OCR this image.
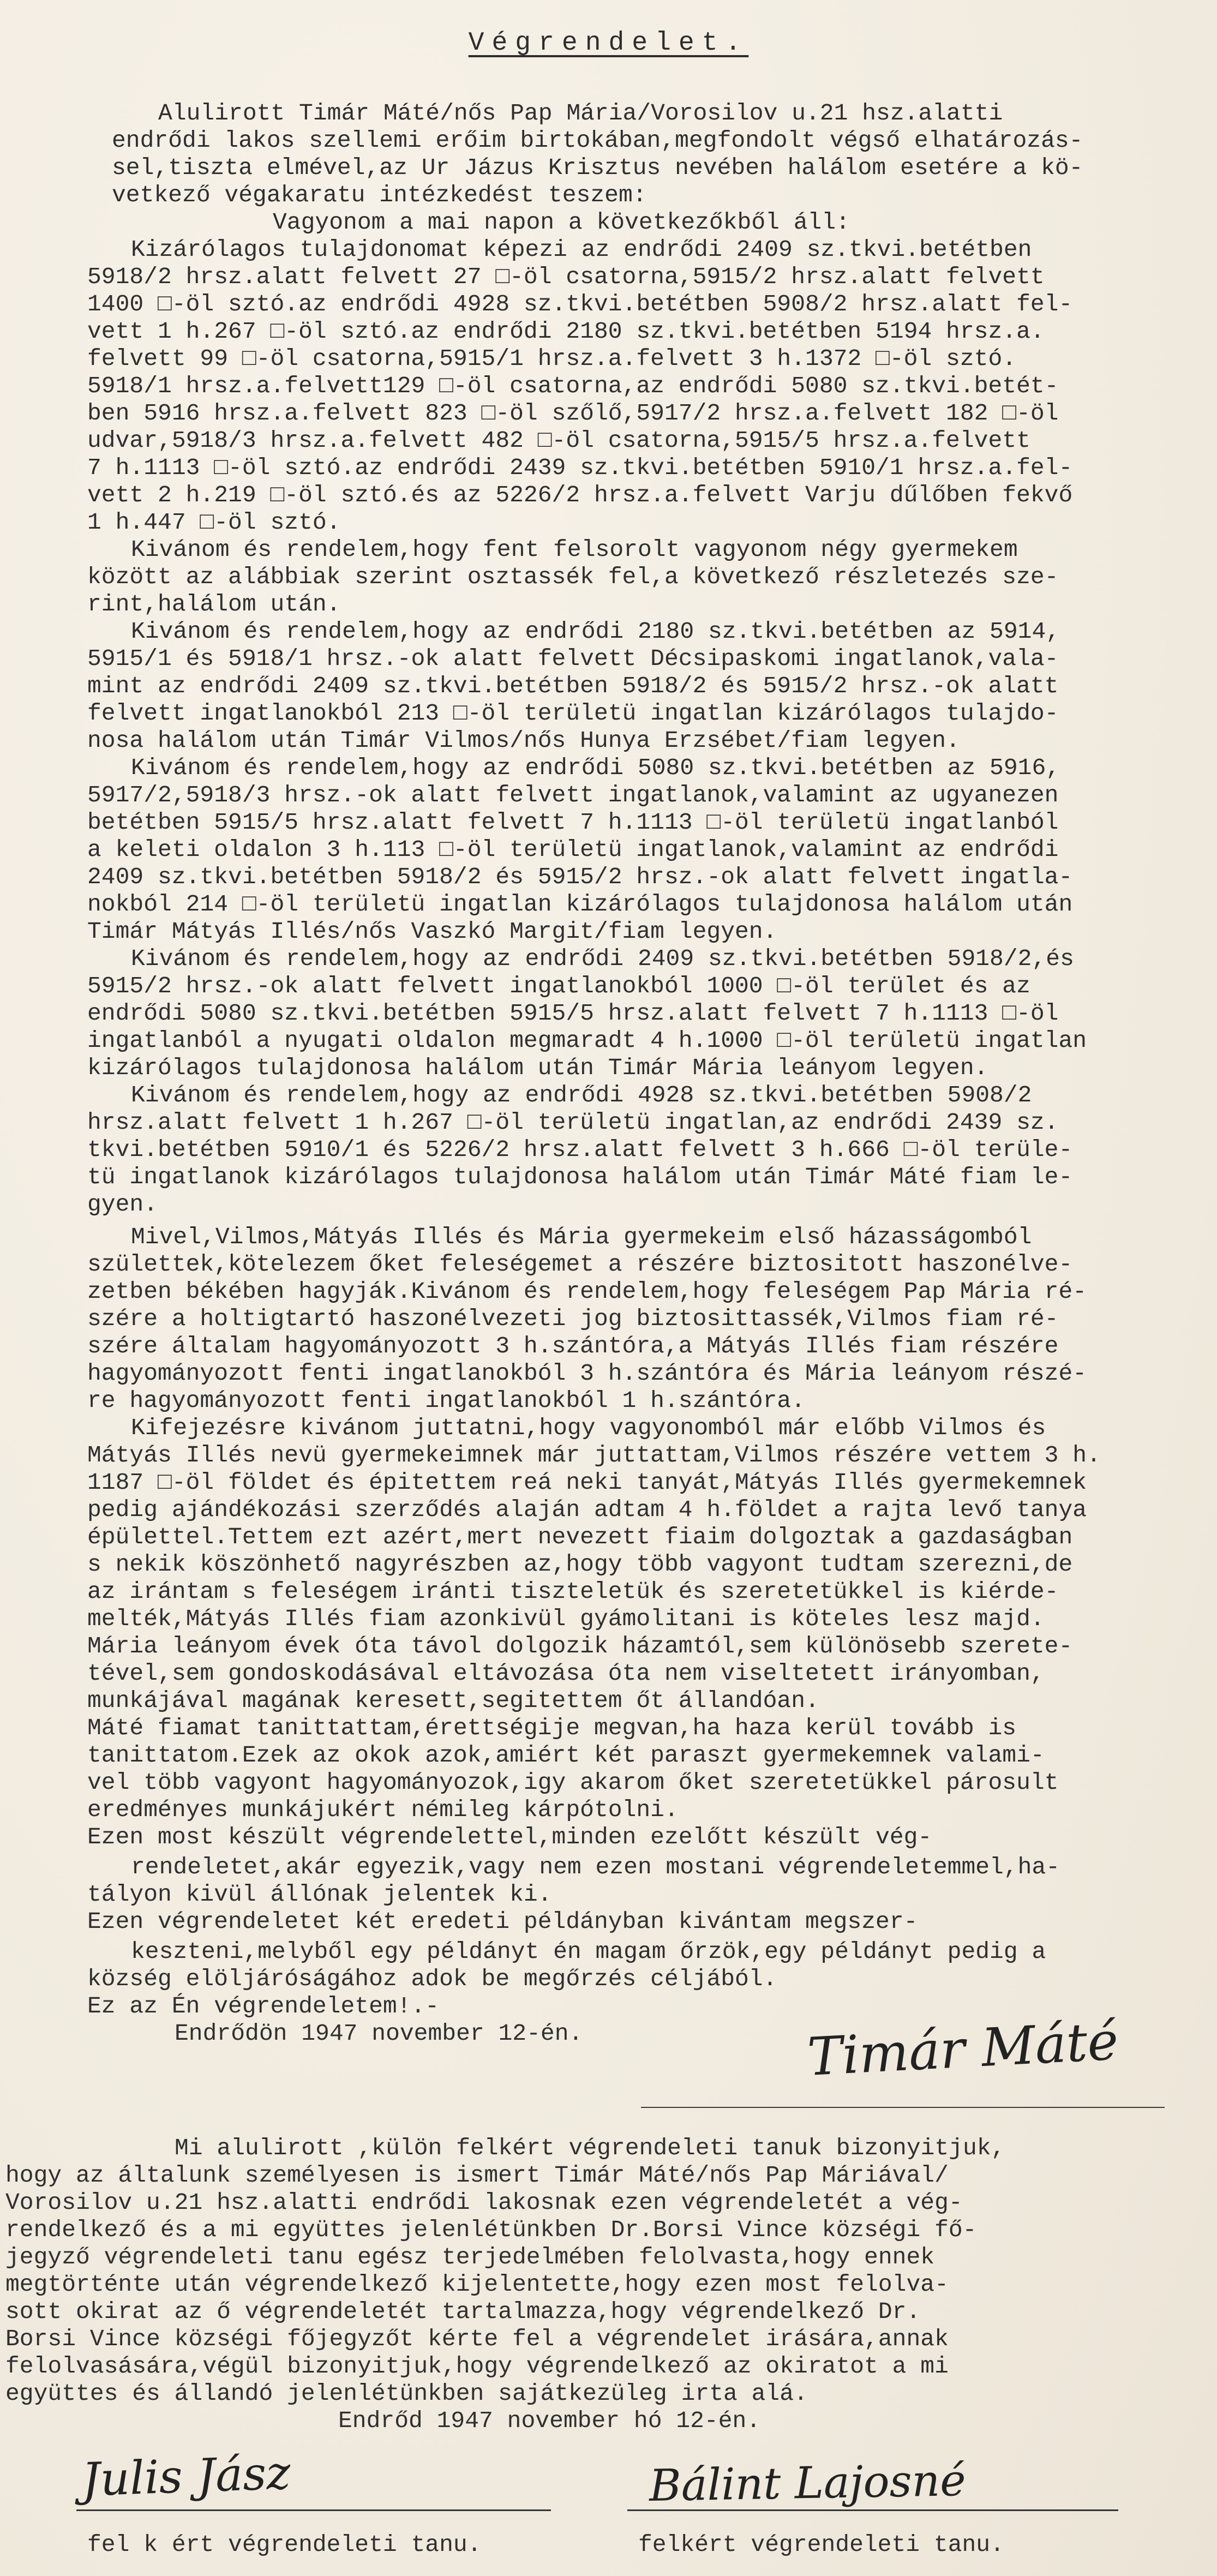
Végrendelet.
Alulirott Timár Máté/nős Pap Mária/Vorosilov u.21 hsz.alatti
endrődi lakos szellemi erőim birtokában,megfondolt végső elhatározás-
sel,tiszta elmével,az Ur Jázus Krisztus nevében halálom esetére a kö-
vetkező végakaratu intézkedést teszem:
Vagyonom a mai napon a következőkből áll:
Kizárólagos tulajdonomat képezi az endrődi 2409 sz.tkvi.betétben
5918/2 hrsz.alatt felvett 27 □-öl csatorna,5915/2 hrsz.alatt felvett
1400 □-öl sztó.az endrődi 4928 sz.tkvi.betétben 5908/2 hrsz.alatt fel-
vett 1 h.267 □-öl sztó.az endrődi 2180 sz.tkvi.betétben 5194 hrsz.a.
felvett 99 □-öl csatorna,5915/1 hrsz.a.felvett 3 h.1372 □-öl sztó.
5918/1 hrsz.a.felvett129 □-öl csatorna,az endrődi 5080 sz.tkvi.betét-
ben 5916 hrsz.a.felvett 823 □-öl szőlő,5917/2 hrsz.a.felvett 182 □-öl
udvar,5918/3 hrsz.a.felvett 482 □-öl csatorna,5915/5 hrsz.a.felvett
7 h.1113 □-öl sztó.az endrődi 2439 sz.tkvi.betétben 5910/1 hrsz.a.fel-
vett 2 h.219 □-öl sztó.és az 5226/2 hrsz.a.felvett Varju dűlőben fekvő
1 h.447 □-öl sztó.
Kivánom és rendelem,hogy fent felsorolt vagyonom négy gyermekem
között az alábbiak szerint osztassék fel,a következő részletezés sze-
rint,halálom után.
Kivánom és rendelem,hogy az endrődi 2180 sz.tkvi.betétben az 5914,
5915/1 és 5918/1 hrsz.-ok alatt felvett Décsipaskomi ingatlanok,vala-
mint az endrődi 2409 sz.tkvi.betétben 5918/2 és 5915/2 hrsz.-ok alatt
felvett ingatlanokból 213 □-öl területü ingatlan kizárólagos tulajdo-
nosa halálom után Timár Vilmos/nős Hunya Erzsébet/fiam legyen.
Kivánom és rendelem,hogy az endrődi 5080 sz.tkvi.betétben az 5916,
5917/2,5918/3 hrsz.-ok alatt felvett ingatlanok,valamint az ugyanezen
betétben 5915/5 hrsz.alatt felvett 7 h.1113 □-öl területü ingatlanból
a keleti oldalon 3 h.113 □-öl területü ingatlanok,valamint az endrődi
2409 sz.tkvi.betétben 5918/2 és 5915/2 hrsz.-ok alatt felvett ingatla-
nokból 214 □-öl területü ingatlan kizárólagos tulajdonosa halálom után
Timár Mátyás Illés/nős Vaszkó Margit/fiam legyen.
Kivánom és rendelem,hogy az endrődi 2409 sz.tkvi.betétben 5918/2,és
5915/2 hrsz.-ok alatt felvett ingatlanokból 1000 □-öl terület és az
endrődi 5080 sz.tkvi.betétben 5915/5 hrsz.alatt felvett 7 h.1113 □-öl
ingatlanból a nyugati oldalon megmaradt 4 h.1000 □-öl területü ingatlan
kizárólagos tulajdonosa halálom után Timár Mária leányom legyen.
Kivánom és rendelem,hogy az endrődi 4928 sz.tkvi.betétben 5908/2
hrsz.alatt felvett 1 h.267 □-öl területü ingatlan,az endrődi 2439 sz.
tkvi.betétben 5910/1 és 5226/2 hrsz.alatt felvett 3 h.666 □-öl terüle-
tü ingatlanok kizárólagos tulajdonosa halálom után Timár Máté fiam le-
gyen.
Mivel,Vilmos,Mátyás Illés és Mária gyermekeim első házasságomból
születtek,kötelezem őket feleségemet a részére biztositott haszonélve-
zetben békében hagyják.Kivánom és rendelem,hogy feleségem Pap Mária ré-
szére a holtigtartó haszonélvezeti jog biztosittassék,Vilmos fiam ré-
szére általam hagyományozott 3 h.szántóra,a Mátyás Illés fiam részére
hagyományozott fenti ingatlanokból 3 h.szántóra és Mária leányom részé-
re hagyományozott fenti ingatlanokból 1 h.szántóra.
Kifejezésre kivánom juttatni,hogy vagyonomból már előbb Vilmos és
Mátyás Illés nevü gyermekeimnek már juttattam,Vilmos részére vettem 3 h.
1187 □-öl földet és épitettem reá neki tanyát,Mátyás Illés gyermekemnek
pedig ajándékozási szerződés alaján adtam 4 h.földet a rajta levő tanya
épülettel.Tettem ezt azért,mert nevezett fiaim dolgoztak a gazdaságban
s nekik köszönhető nagyrészben az,hogy több vagyont tudtam szerezni,de
az irántam s feleségem iránti tiszteletük és szeretetükkel is kiérde-
melték,Mátyás Illés fiam azonkivül gyámolitani is köteles lesz majd.
Mária leányom évek óta távol dolgozik házamtól,sem különösebb szerete-
tével,sem gondoskodásával eltávozása óta nem viseltetett irányomban,
munkájával magának keresett,segitettem őt állandóan.
Máté fiamat tanittattam,érettségije megvan,ha haza kerül tovább is
tanittatom.Ezek az okok azok,amiért két paraszt gyermekemnek valami-
vel több vagyont hagyományozok,igy akarom őket szeretetükkel párosult
eredményes munkájukért némileg kárpótolni.
Ezen most készült végrendelettel,minden ezelőtt készült vég-
rendeletet,akár egyezik,vagy nem ezen mostani végrendeletemmel,ha-
tályon kivül állónak jelentek ki.
Ezen végrendeletet két eredeti példányban kivántam megszer-
keszteni,melyből egy példányt én magam őrzök,egy példányt pedig a
község elöljáróságához adok be megőrzés céljából.
Ez az Én végrendeletem!.-
Endrődön 1947 november 12-én.	Timár Máté
Mi alulirott ,külön felkért végrendeleti tanuk bizonyitjuk,
hogy az általunk személyesen is ismert Timár Máté/nős Pap Máriával/
Vorosilov u.21 hsz.alatti endrődi lakosnak ezen végrendeletét a vég-
rendelkező és a mi együttes jelenlétünkben Dr.Borsi Vince községi fő-
jegyző végrendeleti tanu egész terjedelmében felolvasta,hogy ennek
megtörténte után végrendelkező kijelentette,hogy ezen most felolva-
sott okirat az ő végrendeletét tartalmazza,hogy végrendelkező Dr.
Borsi Vince községi főjegyzőt kérte fel a végrendelet irására,annak
felolvasására,végül bizonyitjuk,hogy végrendelkező az okiratot a mi
együttes és állandó jelenlétünkben sajátkezüleg irta alá.
Endrőd 1947 november hó 12-én.
Julis Jász	Bálint Lajosné
fel k ért végrendeleti tanu.	felkért végrendeleti tanu.
